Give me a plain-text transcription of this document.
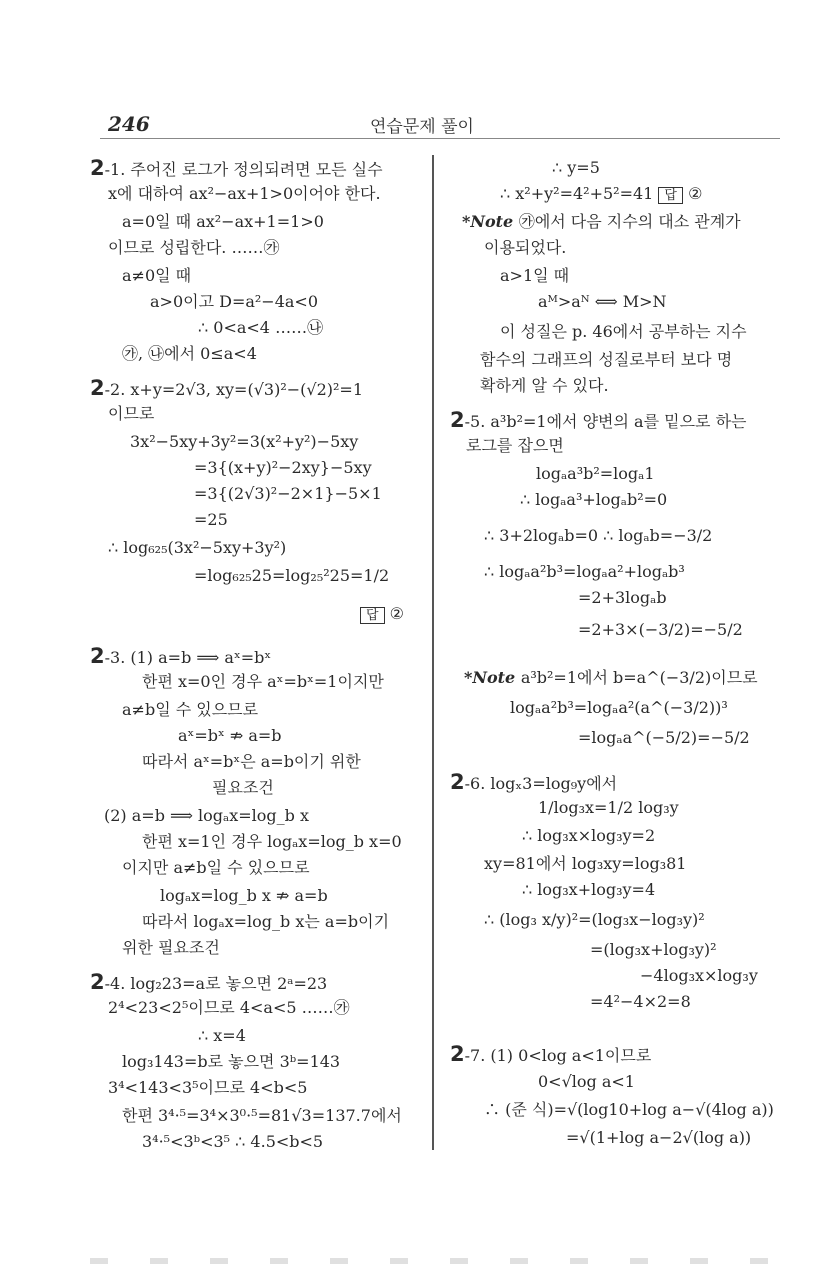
246	연습문제 풀이
2-1. 주어진 로그가 정의되려면 모든 실수
x에 대하여 ax²−ax+1>0이어야 한다.
a=0일 때 ax²−ax+1=1>0
이므로 성립한다. ……㉮
a≠0일 때
a>0이고 D=a²−4a<0
∴ 0<a<4 ……㉯
㉮, ㉯에서 0≤a<4
2-2. x+y=2√3, xy=(√3)²−(√2)²=1
이므로
3x²−5xy+3y²=3(x²+y²)−5xy
=3{(x+y)²−2xy}−5xy
=3{(2√3)²−2×1}−5×1
=25
∴ log₆₂₅(3x²−5xy+3y²)
=log₆₂₅25=log₂₅²25=1/2
답 ②
2-3. (1) a=b ⟹ aˣ=bˣ
한편 x=0인 경우 aˣ=bˣ=1이지만
a≠b일 수 있으므로
aˣ=bˣ ⇏ a=b
따라서 aˣ=bˣ은 a=b이기 위한
필요조건
(2) a=b ⟹ logₐx=log_b x
한편 x=1인 경우 logₐx=log_b x=0
이지만 a≠b일 수 있으므로
logₐx=log_b x ⇏ a=b
따라서 logₐx=log_b x는 a=b이기
위한 필요조건
2-4. log₂23=a로 놓으면 2ᵃ=23
2⁴<23<2⁵이므로 4<a<5 ……㉮
∴ x=4
log₃143=b로 놓으면 3ᵇ=143
3⁴<143<3⁵이므로 4<b<5
한편 3⁴·⁵=3⁴×3⁰·⁵=81√3=137.7에서
3⁴·⁵<3ᵇ<3⁵ ∴ 4.5<b<5
∴ y=5
∴ x²+y²=4²+5²=41 답 ②
*Note ㉮에서 다음 지수의 대소 관계가
이용되었다.
a>1일 때
aᴹ>aᴺ ⟺ M>N
이 성질은 p. 46에서 공부하는 지수
함수의 그래프의 성질로부터 보다 명
확하게 알 수 있다.
2-5. a³b²=1에서 양변의 a를 밑으로 하는
로그를 잡으면
logₐa³b²=logₐ1
∴ logₐa³+logₐb²=0
∴ 3+2logₐb=0 ∴ logₐb=−3/2
∴ logₐa²b³=logₐa²+logₐb³
=2+3logₐb
=2+3×(−3/2)=−5/2
*Note a³b²=1에서 b=a^(−3/2)이므로
logₐa²b³=logₐa²(a^(−3/2))³
=logₐa^(−5/2)=−5/2
2-6. logₓ3=log₉y에서
1/log₃x=1/2 log₃y
∴ log₃x×log₃y=2
xy=81에서 log₃xy=log₃81
∴ log₃x+log₃y=4
∴ (log₃ x/y)²=(log₃x−log₃y)²
=(log₃x+log₃y)²
−4log₃x×log₃y
=4²−4×2=8
2-7. (1) 0<log a<1이므로
0<√log a<1
∴ (준 식)=√(log10+log a−√(4log a))
=√(1+log a−2√(log a))
